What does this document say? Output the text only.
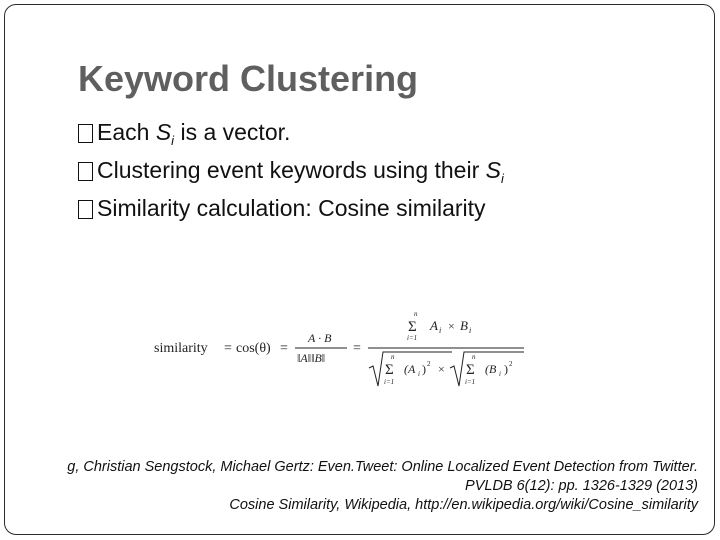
Keyword Clustering
Each $S_i$ is a vector.
Clustering event keywords using their $S_i$
Similarity calculation: Cosine similarity
similarity = cos(θ) =
A · B
‖A‖‖B‖
=
n
Σ
i=1
A i × B i
n
Σ
i=1
(A i ) 2 ×
n
Σ
i=1
(B i ) 2
g, Christian Sengstock, Michael Gertz: Even.Tweet: Online Localized Event Detection from Twitter.
PVLDB 6(12): pp. 1326-1329 (2013)
Cosine Similarity, Wikipedia, http://en.wikipedia.org/wiki/Cosine_similarity
